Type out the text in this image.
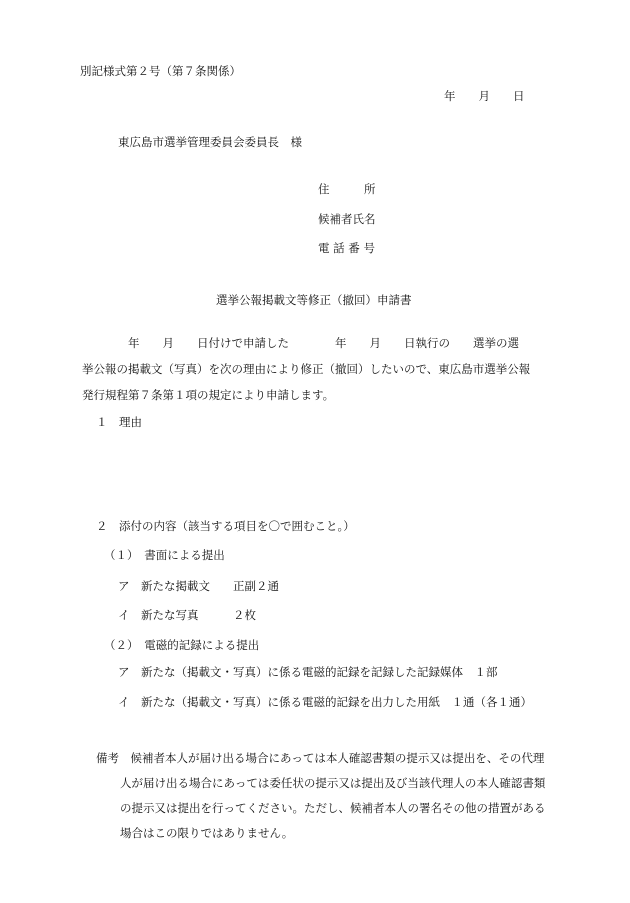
別記様式第２号（第７条関係）
年　　月　　日
東広島市選挙管理委員会委員長　様
住　　　所
候補者氏名
電 話 番 号
選挙公報掲載文等修正（撤回）申請書
　　　　年　　月　　日付けで申請した　　　　年　　月　　日執行の　　選挙の選
挙公報の掲載文（写真）を次の理由により修正（撤回）したいので、東広島市選挙公報
発行規程第７条第１項の規定により申請します。
１　理由
２　添付の内容（該当する項目を〇で囲むこと。）
（１）　書面による提出
ア　新たな掲載文　　正副２通
イ　新たな写真　　　２枚
（２）　電磁的記録による提出
ア　新たな（掲載文・写真）に係る電磁的記録を記録した記録媒体　１部
イ　新たな（掲載文・写真）に係る電磁的記録を出力した用紙　１通（各１通）
備考　候補者本人が届け出る場合にあっては本人確認書類の提示又は提出を、その代理
人が届け出る場合にあっては委任状の提示又は提出及び当該代理人の本人確認書類
の提示又は提出を行ってください。ただし、候補者本人の署名その他の措置がある
場合はこの限りではありません。
